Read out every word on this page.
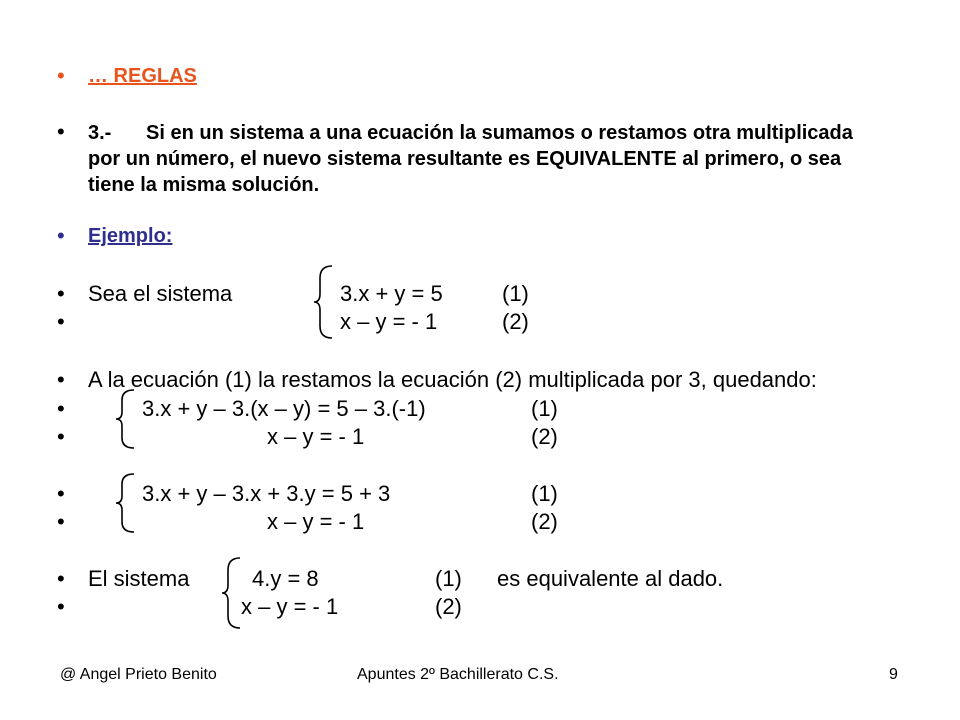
• … REGLAS
• 3.- Si en un sistema a una ecuación la sumamos o restamos otra multiplicada por un número, el nuevo sistema resultante es EQUIVALENTE al primero, o sea tiene la misma solución.
• Ejemplo:
• Sea el sistema	3.x + y = 5	(1)
•	x – y = - 1	(2)
• A la ecuación (1) la restamos la ecuación (2) multiplicada por 3, quedando:
•	3.x + y – 3.(x – y) = 5 – 3.(-1)	(1)
•	x – y = - 1	(2)
•	3.x + y – 3.x + 3.y = 5 + 3	(1)
•	x – y = - 1	(2)
• El sistema	4.y = 8	(1) es equivalente al dado.
•	x – y = - 1	(2)
@ Angel Prieto Benito	Apuntes 2º Bachillerato C.S.	9
